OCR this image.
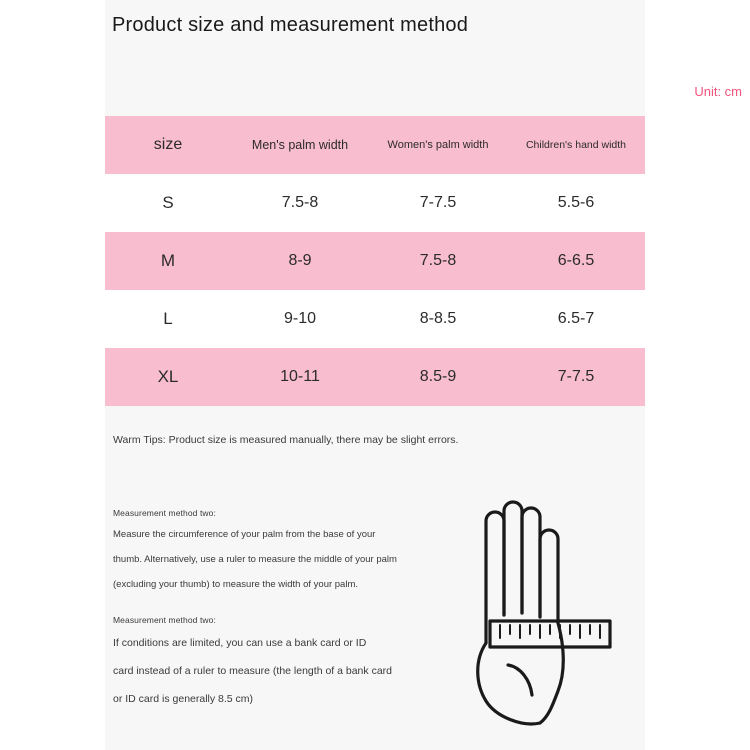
Product size and measurement method
Unit: cm
size	Men's palm width	Women's palm width	Children's hand width
S	7.5-8	7-7.5	5.5-6
M	8-9	7.5-8	6-6.5
L	9-10	8-8.5	6.5-7
XL	10-11	8.5-9	7-7.5
Warm Tips: Product size is measured manually, there may be slight errors.
Measurement method two:

Measure the circumference of your palm from the base of your

thumb. Alternatively, use a ruler to measure the middle of your palm

(excluding your thumb) to measure the width of your palm.

Measurement method two:

If conditions are limited, you can use a bank card or ID

card instead of a ruler to measure (the length of a bank card

or ID card is generally 8.5 cm)
